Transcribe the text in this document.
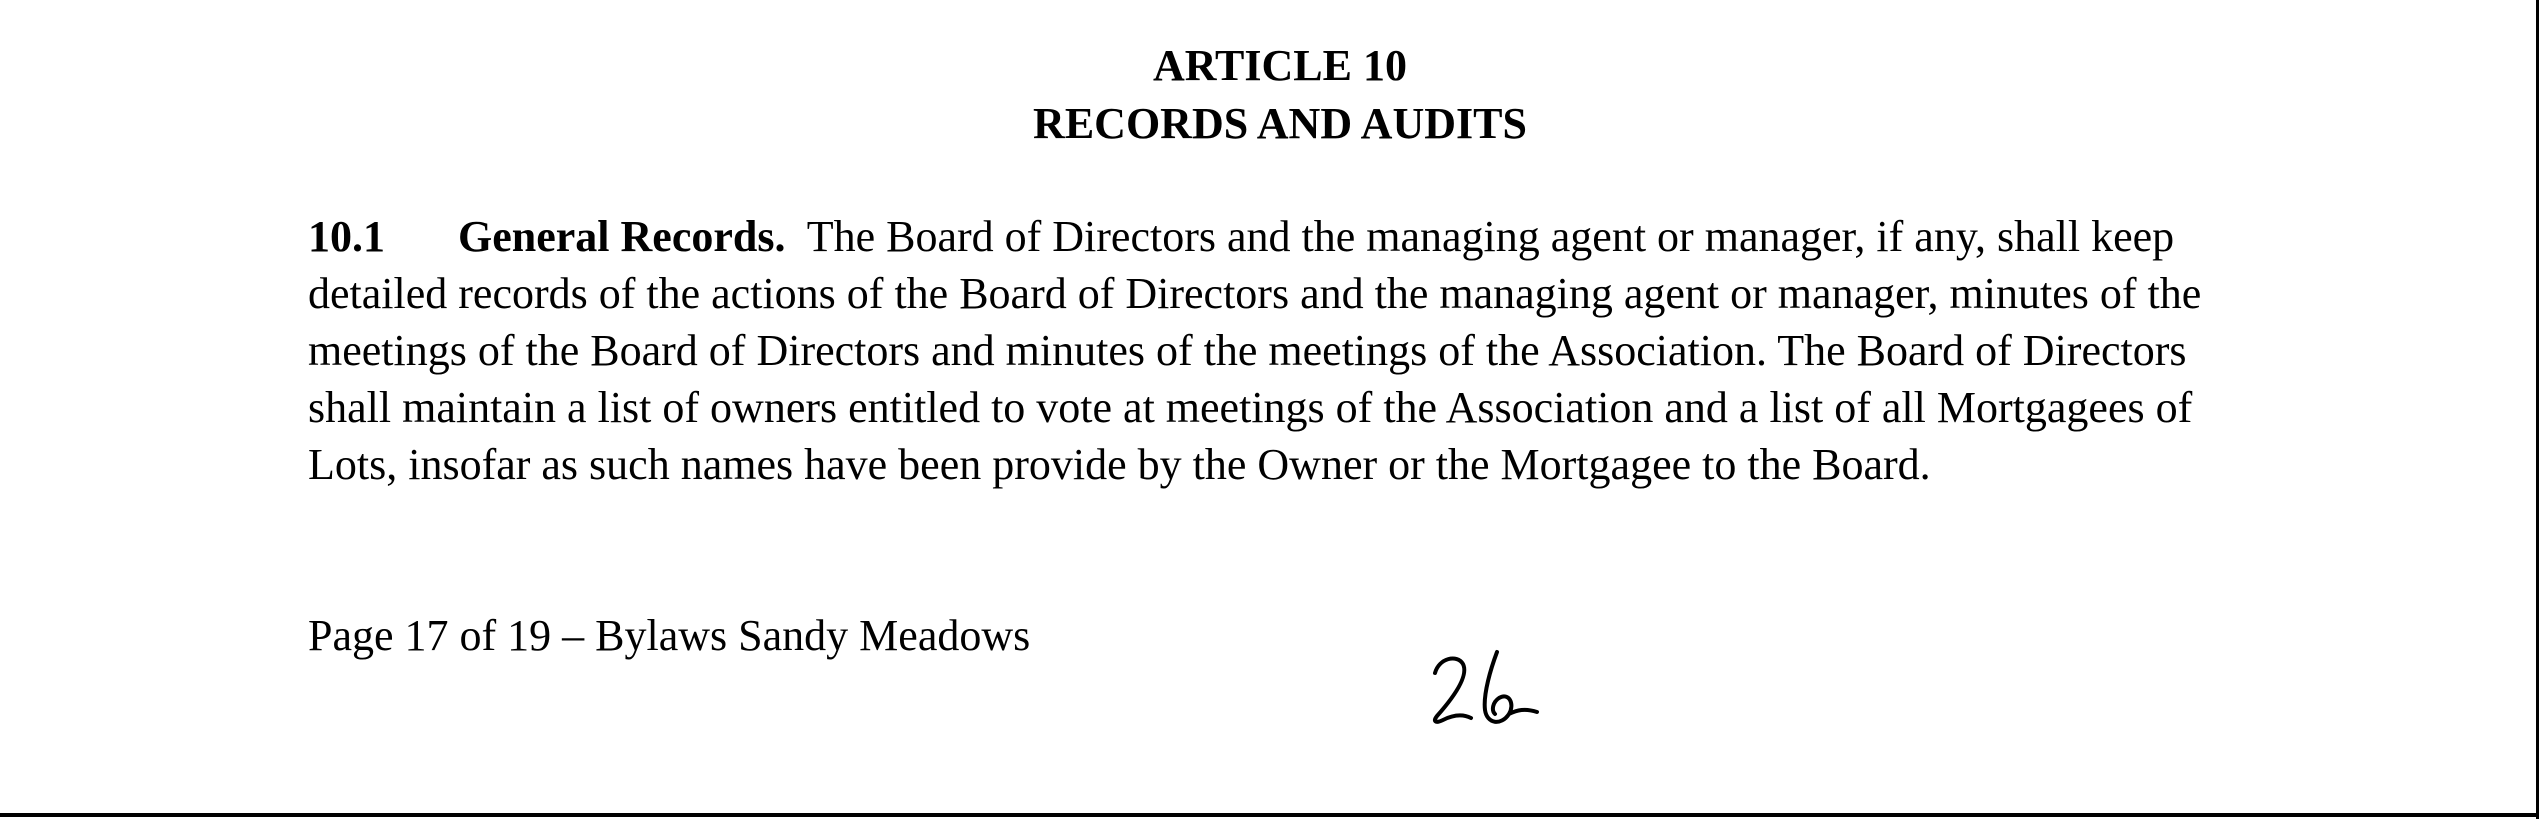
ARTICLE 10
RECORDS AND AUDITS

10.1 General Records. The Board of Directors and the managing agent or manager, if any, shall keep detailed records of the actions of the Board of Directors and the managing agent or manager, minutes of the meetings of the Board of Directors and minutes of the meetings of the Association. The Board of Directors shall maintain a list of owners entitled to vote at meetings of the Association and a list of all Mortgagees of Lots, insofar as such names have been provide by the Owner or the Mortgagee to the Board.

Page 17 of 19 – Bylaws Sandy Meadows
